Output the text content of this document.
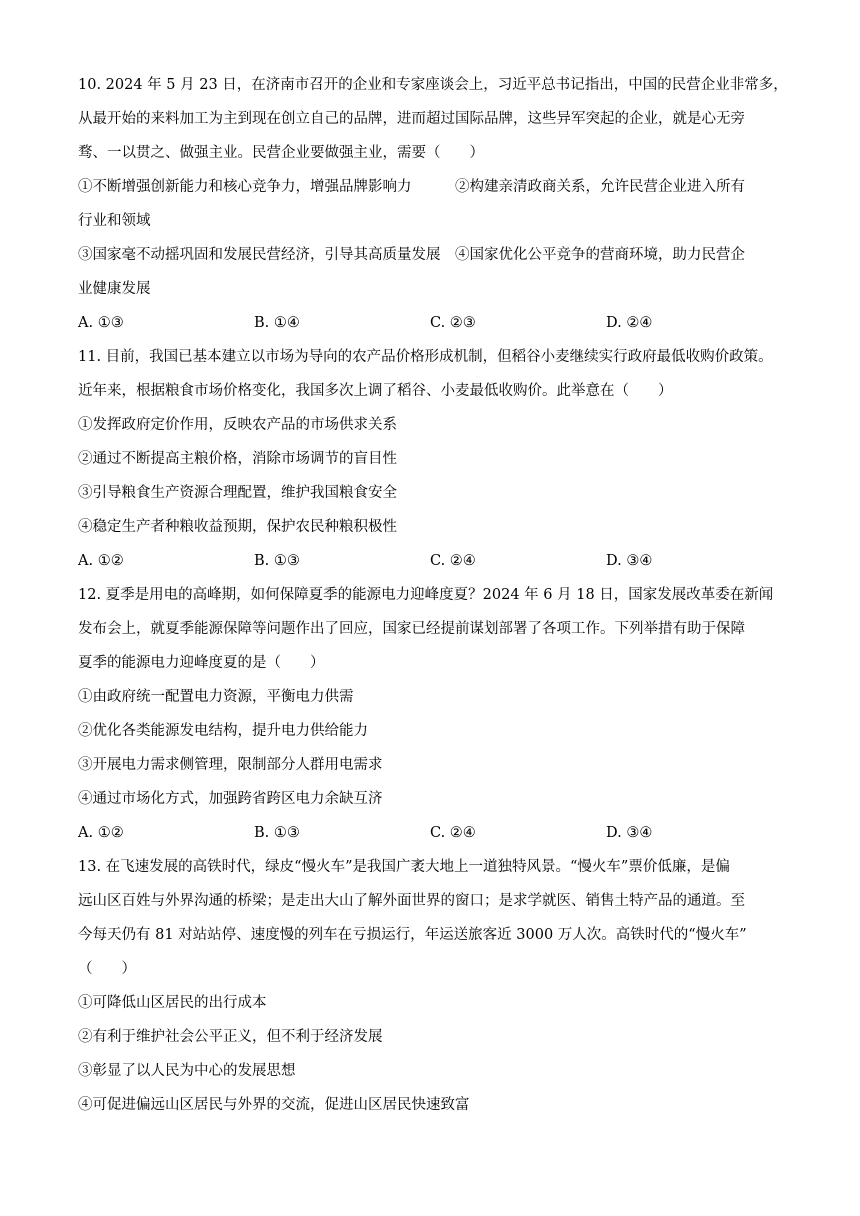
10. 2024 年 5 月 23 日，在济南市召开的企业和专家座谈会上，习近平总书记指出，中国的民营企业非常多，
从最开始的来料加工为主到现在创立自己的品牌，进而超过国际品牌，这些异军突起的企业，就是心无旁
骛、一以贯之、做强主业。民营企业要做强主业，需要（　　）
①不断增强创新能力和核心竞争力，增强品牌影响力　　　②构建亲清政商关系，允许民营企业进入所有
行业和领域
③国家毫不动摇巩固和发展民营经济，引导其高质量发展　④国家优化公平竞争的营商环境，助力民营企
业健康发展
A. ①③	B. ①④	C. ②③	D. ②④
11. 目前，我国已基本建立以市场为导向的农产品价格形成机制，但稻谷小麦继续实行政府最低收购价政策。
近年来，根据粮食市场价格变化，我国多次上调了稻谷、小麦最低收购价。此举意在（　　）
①发挥政府定价作用，反映农产品的市场供求关系
②通过不断提高主粮价格，消除市场调节的盲目性
③引导粮食生产资源合理配置，维护我国粮食安全
④稳定生产者种粮收益预期，保护农民种粮积极性
A. ①②	B. ①③	C. ②④	D. ③④
12. 夏季是用电的高峰期，如何保障夏季的能源电力迎峰度夏？2024 年 6 月 18 日，国家发展改革委在新闻
发布会上，就夏季能源保障等问题作出了回应，国家已经提前谋划部署了各项工作。下列举措有助于保障
夏季的能源电力迎峰度夏的是（　　）
①由政府统一配置电力资源，平衡电力供需
②优化各类能源发电结构，提升电力供给能力
③开展电力需求侧管理，限制部分人群用电需求
④通过市场化方式，加强跨省跨区电力余缺互济
A. ①②	B. ①③	C. ②④	D. ③④
13. 在飞速发展的高铁时代，绿皮“慢火车”是我国广袤大地上一道独特风景。“慢火车”票价低廉，是偏
远山区百姓与外界沟通的桥梁；是走出大山了解外面世界的窗口；是求学就医、销售土特产品的通道。至
今每天仍有 81 对站站停、速度慢的列车在亏损运行，年运送旅客近 3000 万人次。高铁时代的“慢火车”
（　　）
①可降低山区居民的出行成本
②有利于维护社会公平正义，但不利于经济发展
③彰显了以人民为中心的发展思想
④可促进偏远山区居民与外界的交流，促进山区居民快速致富
